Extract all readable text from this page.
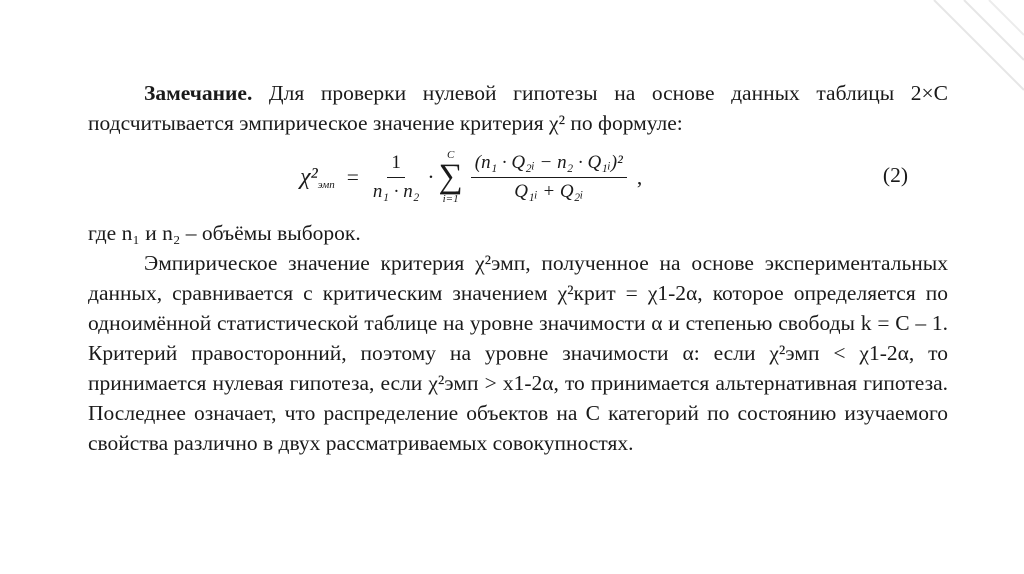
Замечание. Для проверки нулевой гипотезы на основе данных таблицы 2×C подсчитывается эмпирическое значение критерия χ² по формуле:

χ² эмп = $\frac{1}{\text{n₁ · n₂}}$ ·
C
∑
$i=1 \frac{\text{(n₁ · Q₂ᵢ − n₂ · Q₁ᵢ)²}}{\text{Q₁ᵢ + Q₂ᵢ}}$ ,	(2)

где n₁ и n₂ – объёмы выборок.

Эмпирическое значение критерия χ²эмп, полученное на основе экспериментальных данных, сравнивается с критическим значением χ²крит = χ1-2α, которое определяется по одноимённой статистической таблице на уровне значимости α и степенью свободы k = C – 1. Критерий правосторонний, поэтому на уровне значимости α: если χ²эмп < χ1-2α, то принимается нулевая гипотеза, если χ²эмп > x1-2α, то принимается альтернативная гипотеза. Последнее означает, что распределение объектов на C категорий по состоянию изучаемого свойства различно в двух рассматриваемых совокупностях.
